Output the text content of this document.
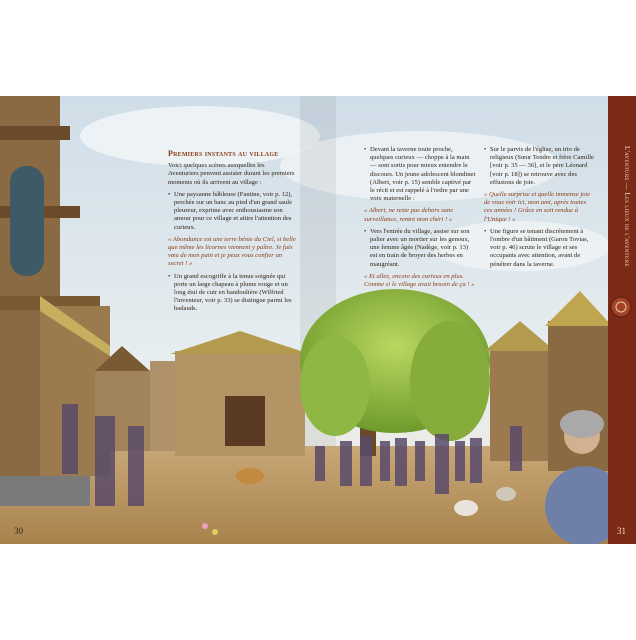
L'aventure — Les lieux de l'aventure
Premiers instants au village

Voici quelques scènes auxquelles les Aventuriers peuvent assister durant les premiers moments où ils arrivent au village :

• Une paysanne hâbleuse (Fantine, voir p. 12), perchée sur un banc au pied d'un grand saule pleureur, exprime avec enthousiasme son amour pour ce village et attire l'attention des curieux.

« Abondance est une terre bénie du Ciel, si belle que même les licornes viennent y paître. Je fais vœu de mon pain et je peux vous confier un secret ! »

• Un grand escogriffe à la tenue soignée qui porte un large chapeau à plume rouge et un long étui de cuir en bandoulière (Wilfried l'inventeur, voir p. 33) se distingue parmi les badauds.

• Devant la taverne toute proche, quelques curieux — choppe à la main — sont sortis pour mieux entendre le discours. Un jeune adolescent blondinet (Albert, voir p. 15) semble captivé par le récit et est rappelé à l'ordre par une voix maternelle :

« Albert, ne reste pas dehors sans surveillance, rentre mon chéri ! »

• Vers l'entrée du village, assise sur son palier avec un mortier sur les genoux, une femme âgée (Nadège, voir p. 13) est en train de broyer des herbes en maugréant.

« Et allez, encore des curieux en plus. Comme si le village avait besoin de ça ! »

• Sur le parvis de l'église, un trio de religieux (Sœur Tendre et frère Camille [voir p. 35 — 36], et le père Léonard [voir p. 18]) se retrouve avec des effusions de joie.

« Quelle surprise et quelle immense joie de vous voir ici, mon ami, après toutes ces années ! Grâce en soit rendue à l'Unique ! »

• Une figure se tenant discrètement à l'ombre d'un bâtiment (Garon Tovias, voir p. 46) scrute le village et ses occupants avec attention, avant de pénétrer dans la taverne.

30	31
